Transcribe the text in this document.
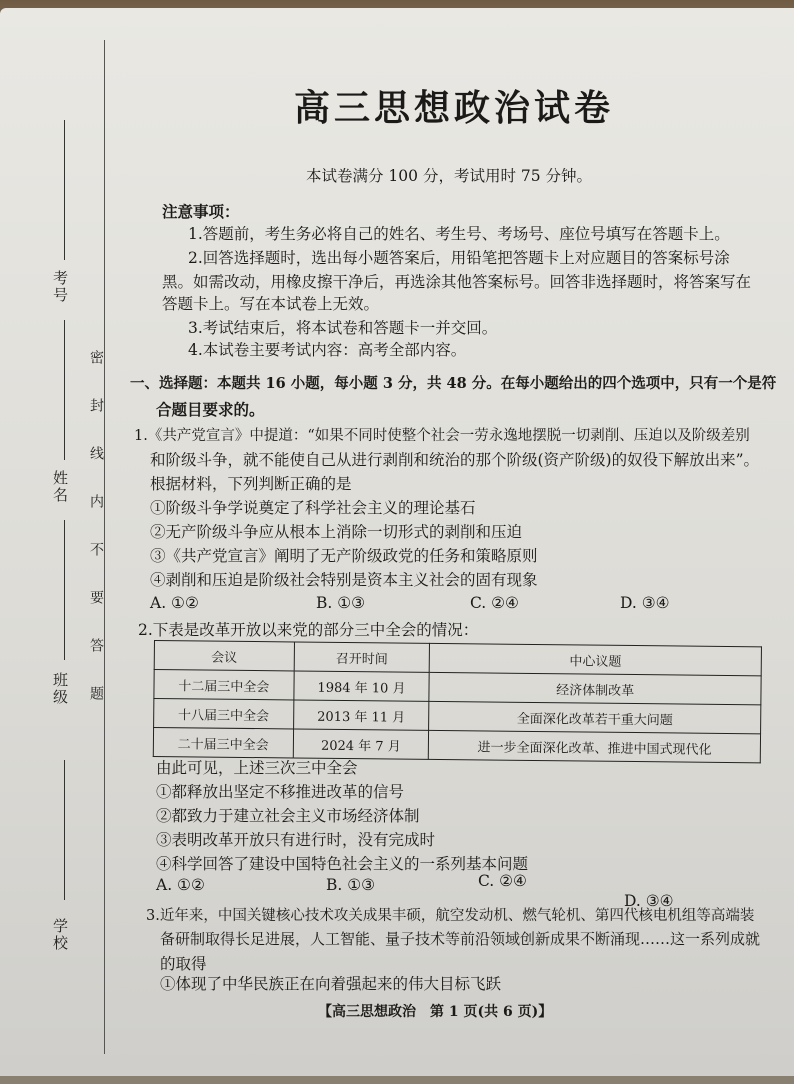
考号
姓名
班级
学校
密封线内不要答题
高三思想政治试卷
本试卷满分 100 分，考试用时 75 分钟。
注意事项：
1.答题前，考生务必将自己的姓名、考生号、考场号、座位号填写在答题卡上。
2.回答选择题时，选出每小题答案后，用铅笔把答题卡上对应题目的答案标号涂
黑。如需改动，用橡皮擦干净后，再选涂其他答案标号。回答非选择题时，将答案写在
答题卡上。写在本试卷上无效。
3.考试结束后，将本试卷和答题卡一并交回。
4.本试卷主要考试内容：高考全部内容。
一、选择题：本题共 16 小题，每小题 3 分，共 48 分。在每小题给出的四个选项中，只有一个是符
合题目要求的。
1.《共产党宣言》中提道：“如果不同时使整个社会一劳永逸地摆脱一切剥削、压迫以及阶级差别
和阶级斗争，就不能使自己从进行剥削和统治的那个阶级(资产阶级)的奴役下解放出来”。
根据材料，下列判断正确的是
①阶级斗争学说奠定了科学社会主义的理论基石
②无产阶级斗争应从根本上消除一切形式的剥削和压迫
③《共产党宣言》阐明了无产阶级政党的任务和策略原则
④剥削和压迫是阶级社会特别是资本主义社会的固有现象
A. ①②	B. ①③	C. ②④	D. ③④
2.下表是改革开放以来党的部分三中全会的情况：
会议	召开时间	中心议题
十二届三中全会	1984 年 10 月	经济体制改革
十八届三中全会	2013 年 11 月	全面深化改革若干重大问题
二十届三中全会	2024 年 7 月	进一步全面深化改革、推进中国式现代化
由此可见，上述三次三中全会
①都释放出坚定不移推进改革的信号
②都致力于建立社会主义市场经济体制
③表明改革开放只有进行时，没有完成时
④科学回答了建设中国特色社会主义的一系列基本问题
A. ①②	B. ①③	C. ②④
D. ③④
3.近年来，中国关键核心技术攻关成果丰硕，航空发动机、燃气轮机、第四代核电机组等高端装
备研制取得长足进展，人工智能、量子技术等前沿领域创新成果不断涌现……这一系列成就
的取得
①体现了中华民族正在向着强起来的伟大目标飞跃
【高三思想政治　第 1 页(共 6 页)】
